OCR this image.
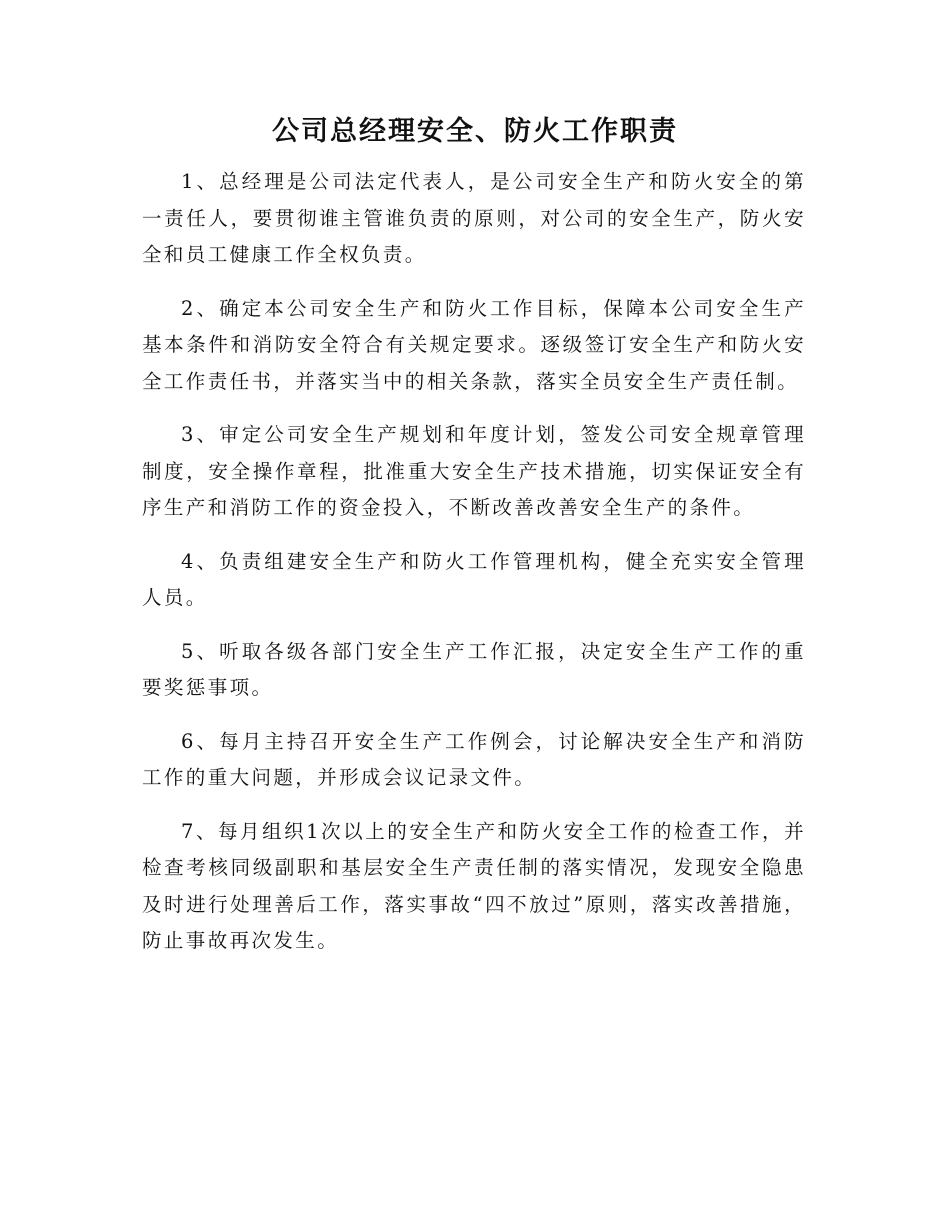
公司总经理安全、防火工作职责

1、总经理是公司法定代表人，是公司安全生产和防火安全的第一责任人，要贯彻谁主管谁负责的原则，对公司的安全生产，防火安全和员工健康工作全权负责。

2、确定本公司安全生产和防火工作目标，保障本公司安全生产基本条件和消防安全符合有关规定要求。逐级签订安全生产和防火安全工作责任书，并落实当中的相关条款，落实全员安全生产责任制。

3、审定公司安全生产规划和年度计划，签发公司安全规章管理制度，安全操作章程，批准重大安全生产技术措施，切实保证安全有序生产和消防工作的资金投入，不断改善改善安全生产的条件。

4、负责组建安全生产和防火工作管理机构，健全充实安全管理人员。

5、听取各级各部门安全生产工作汇报，决定安全生产工作的重要奖惩事项。

6、每月主持召开安全生产工作例会，讨论解决安全生产和消防工作的重大问题，并形成会议记录文件。

7、每月组织1次以上的安全生产和防火安全工作的检查工作，并检查考核同级副职和基层安全生产责任制的落实情况，发现安全隐患及时进行处理善后工作，落实事故“四不放过”原则，落实改善措施，防止事故再次发生。
